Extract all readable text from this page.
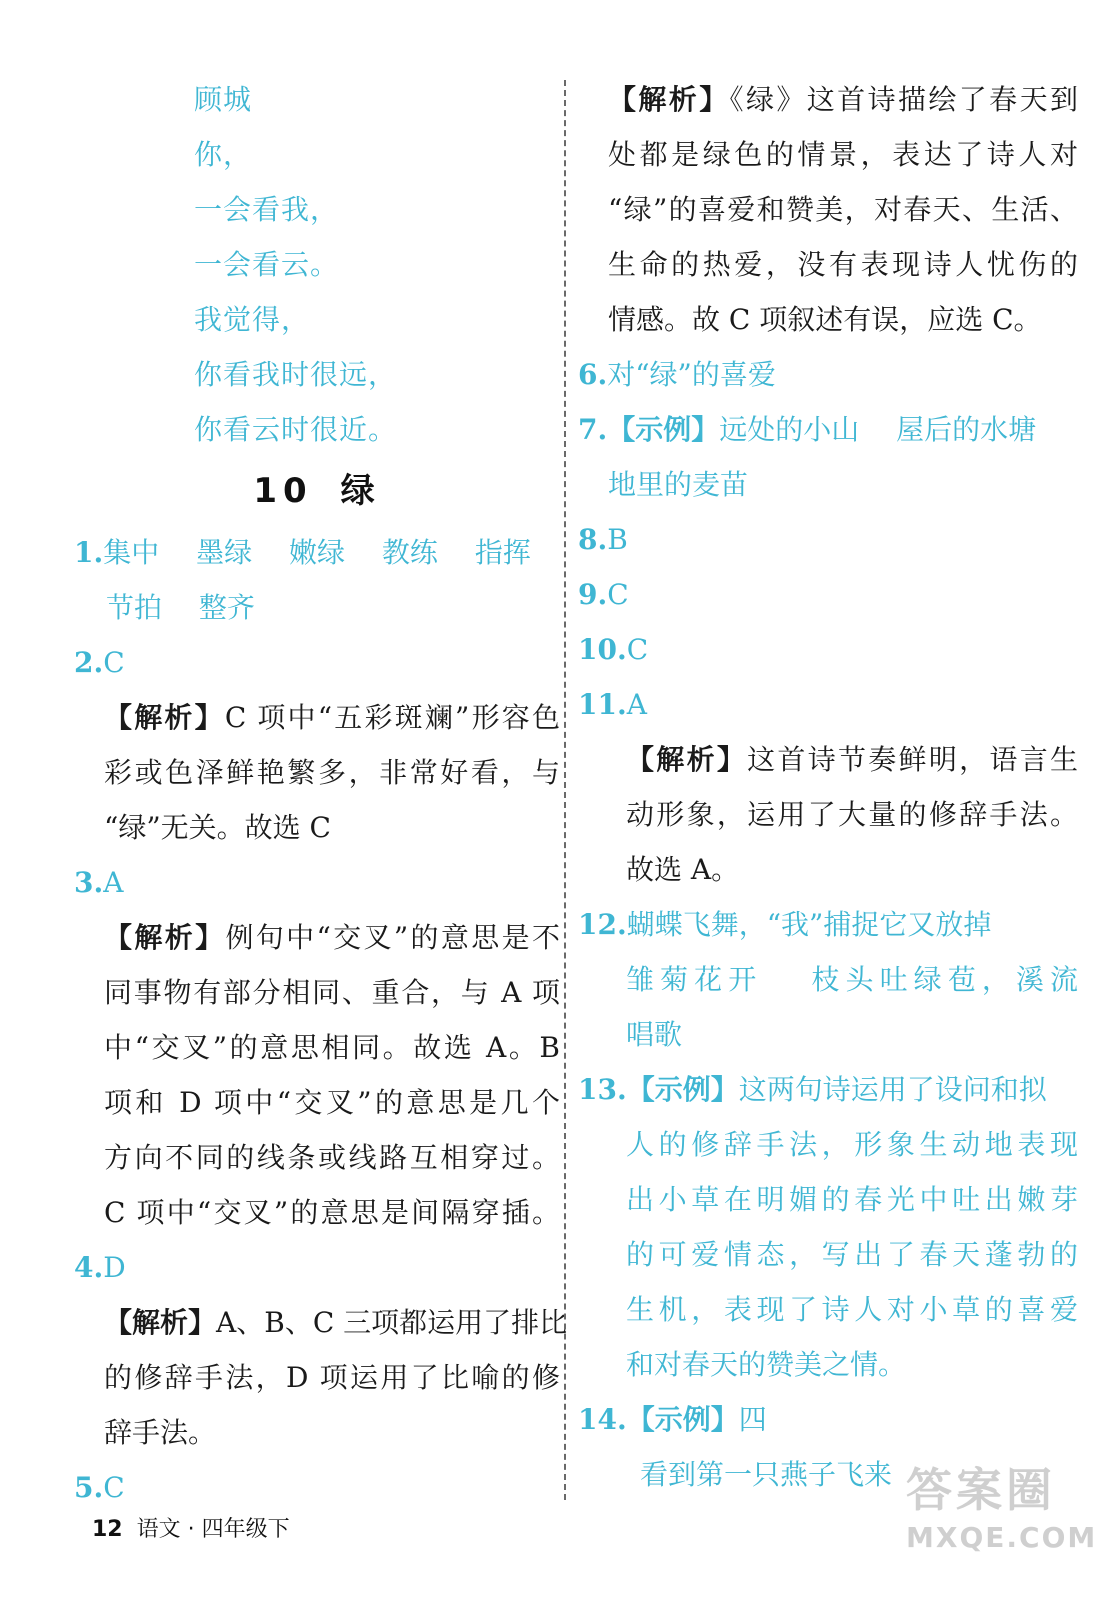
顾城
你，
一会看我，
一会看云。
我觉得，
你看我时很远，
你看云时很近。
10 绿
1.集中　 墨绿　 嫩绿　 教练　 指挥
节拍　 整齐
2.C
【解析】C 项中“五彩斑斓”形容色
彩或色泽鲜艳繁多，非常好看，与
“绿”无关。故选 C
3.A
【解析】例句中“交叉”的意思是不
同事物有部分相同、重合，与 A 项
中“交叉”的意思相同。故选 A。B
项和 D 项中“交叉”的意思是几个
方向不同的线条或线路互相穿过。
C 项中“交叉”的意思是间隔穿插。
4.D
【解析】A、B、C 三项都运用了排比
的修辞手法，D 项运用了比喻的修
辞手法。
5.C
【解析】《绿》这首诗描绘了春天到
处都是绿色的情景，表达了诗人对
“绿”的喜爱和赞美，对春天、生活、
生命的热爱，没有表现诗人忧伤的
情感。故 C 项叙述有误，应选 C。
6.对“绿”的喜爱
7.【示例】远处的小山　 屋后的水塘
地里的麦苗
8.B
9.C
10.C
11.A
【解析】这首诗节奏鲜明，语言生
动形象，运用了大量的修辞手法。
故选 A。
12.蝴蝶飞舞，“我”捕捉它又放掉
雏菊花开　 枝头吐绿苞，溪流
唱歌
13.【示例】这两句诗运用了设问和拟
人的修辞手法，形象生动地表现
出小草在明媚的春光中吐出嫩芽
的可爱情态，写出了春天蓬勃的
生机，表现了诗人对小草的喜爱
和对春天的赞美之情。
14.【示例】四
看到第一只燕子飞来
12 语文 · 四年级下
答案圈
MXQE.COM
